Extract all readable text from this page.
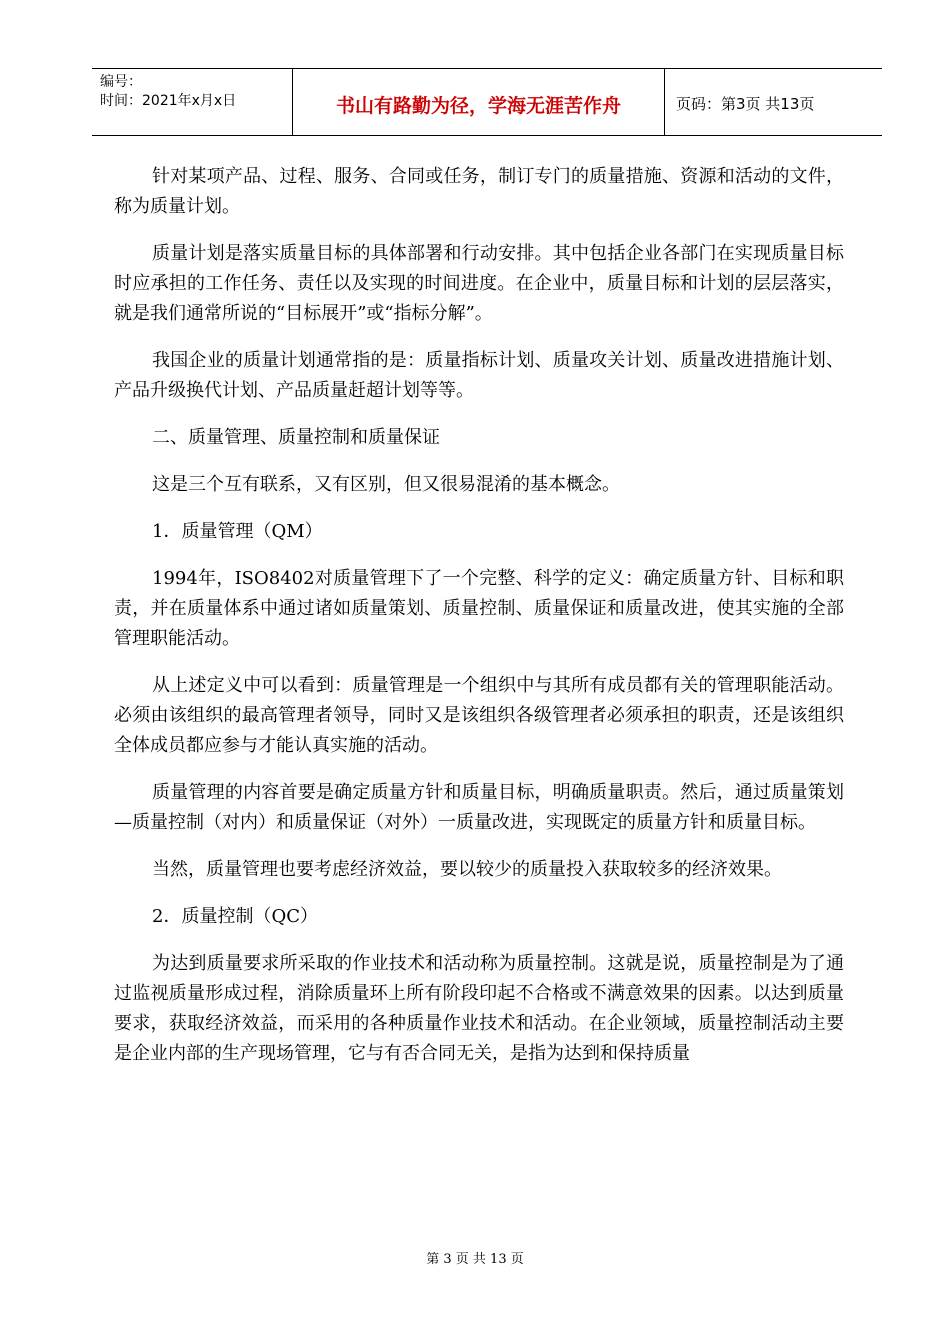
编号：
时间：2021年x月x日	书山有路勤为径，学海无涯苦作舟	页码：第3页 共13页

针对某项产品、过程、服务、合同或任务，制订专门的质量措施、资源和活动的文件，称为质量计划。

质量计划是落实质量目标的具体部署和行动安排。其中包括企业各部门在实现质量目标时应承担的工作任务、责任以及实现的时间进度。在企业中，质量目标和计划的层层落实，就是我们通常所说的“目标展开”或“指标分解”。

我国企业的质量计划通常指的是：质量指标计划、质量攻关计划、质量改进措施计划、产品升级换代计划、产品质量赶超计划等等。

二、质量管理、质量控制和质量保证

这是三个互有联系，又有区别，但又很易混淆的基本概念。

1．质量管理（QM）

1994年，ISO8402对质量管理下了一个完整、科学的定义：确定质量方针、目标和职责，并在质量体系中通过诸如质量策划、质量控制、质量保证和质量改进，使其实施的全部管理职能活动。

从上述定义中可以看到：质量管理是一个组织中与其所有成员都有关的管理职能活动。必须由该组织的最高管理者领导，同时又是该组织各级管理者必须承担的职责，还是该组织全体成员都应参与才能认真实施的活动。

质量管理的内容首要是确定质量方针和质量目标，明确质量职责。然后，通过质量策划—质量控制（对内）和质量保证（对外）一质量改进，实现既定的质量方针和质量目标。

当然，质量管理也要考虑经济效益，要以较少的质量投入获取较多的经济效果。

2．质量控制（QC）

为达到质量要求所采取的作业技术和活动称为质量控制。这就是说，质量控制是为了通过监视质量形成过程，消除质量环上所有阶段印起不合格或不满意效果的因素。以达到质量要求，获取经济效益，而采用的各种质量作业技术和活动。在企业领域，质量控制活动主要是企业内部的生产现场管理，它与有否合同无关，是指为达到和保持质量

第 3 页 共 13 页
